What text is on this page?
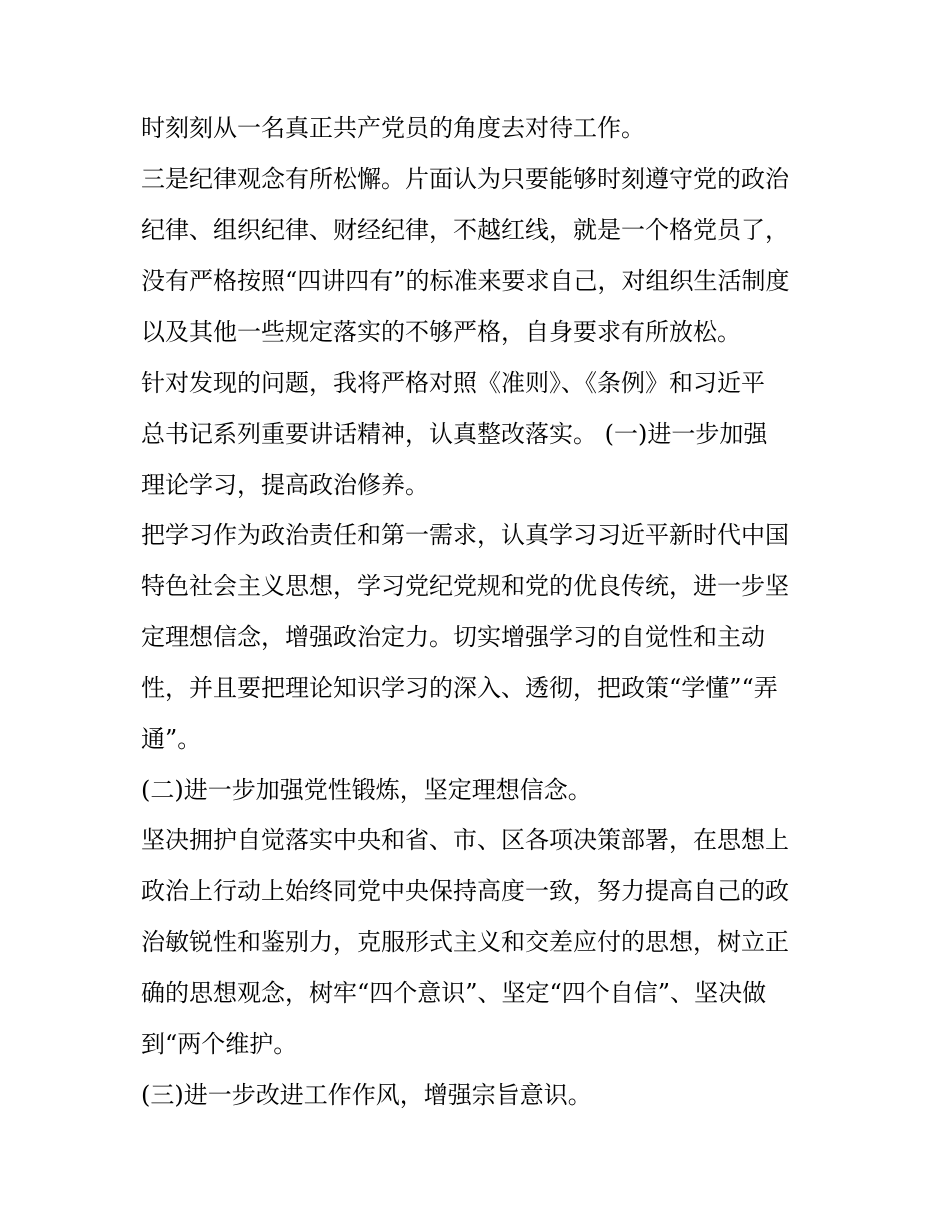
时刻刻从一名真正共产党员的角度去对待工作。

三是纪律观念有所松懈。片面认为只要能够时刻遵守党的政治

纪律、组织纪律、财经纪律，不越红线，就是一个格党员了，

没有严格按照“四讲四有”的标准来要求自己，对组织生活制度

以及其他一些规定落实的不够严格，自身要求有所放松。

针对发现的问题，我将严格对照《准则》、《条例》和习近平

总书记系列重要讲话精神，认真整改落实。 (一)进一步加强

理论学习，提高政治修养。

把学习作为政治责任和第一需求，认真学习习近平新时代中国

特色社会主义思想，学习党纪党规和党的优良传统，进一步坚

定理想信念，增强政治定力。切实增强学习的自觉性和主动

性，并且要把理论知识学习的深入、透彻，把政策“学懂”“弄

通”。

(二)进一步加强党性锻炼，坚定理想信念。

坚决拥护自觉落实中央和省、市、区各项决策部署，在思想上

政治上行动上始终同党中央保持高度一致，努力提高自己的政

治敏锐性和鉴别力，克服形式主义和交差应付的思想，树立正

确的思想观念，树牢“四个意识”、坚定“四个自信”、坚决做

到“两个维护。

(三)进一步改进工作作风，增强宗旨意识。
